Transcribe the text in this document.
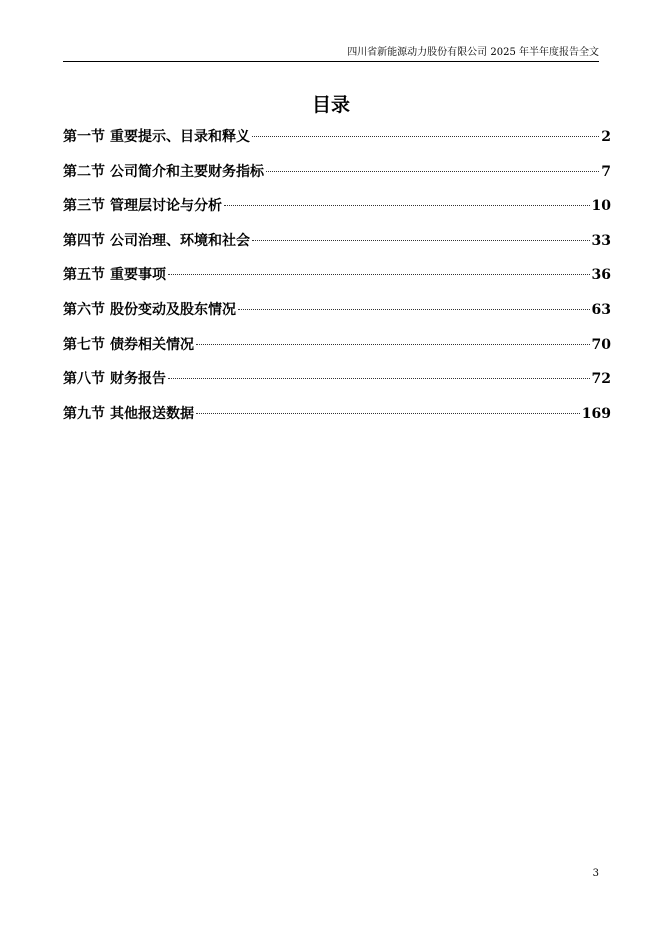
四川省新能源动力股份有限公司 2025 年半年度报告全文
目录
第一节 重要提示、目录和释义	2
第二节 公司简介和主要财务指标	7
第三节 管理层讨论与分析	10
第四节 公司治理、环境和社会	33
第五节 重要事项	36
第六节 股份变动及股东情况	63
第七节 债券相关情况	70
第八节 财务报告	72
第九节 其他报送数据	169
3
